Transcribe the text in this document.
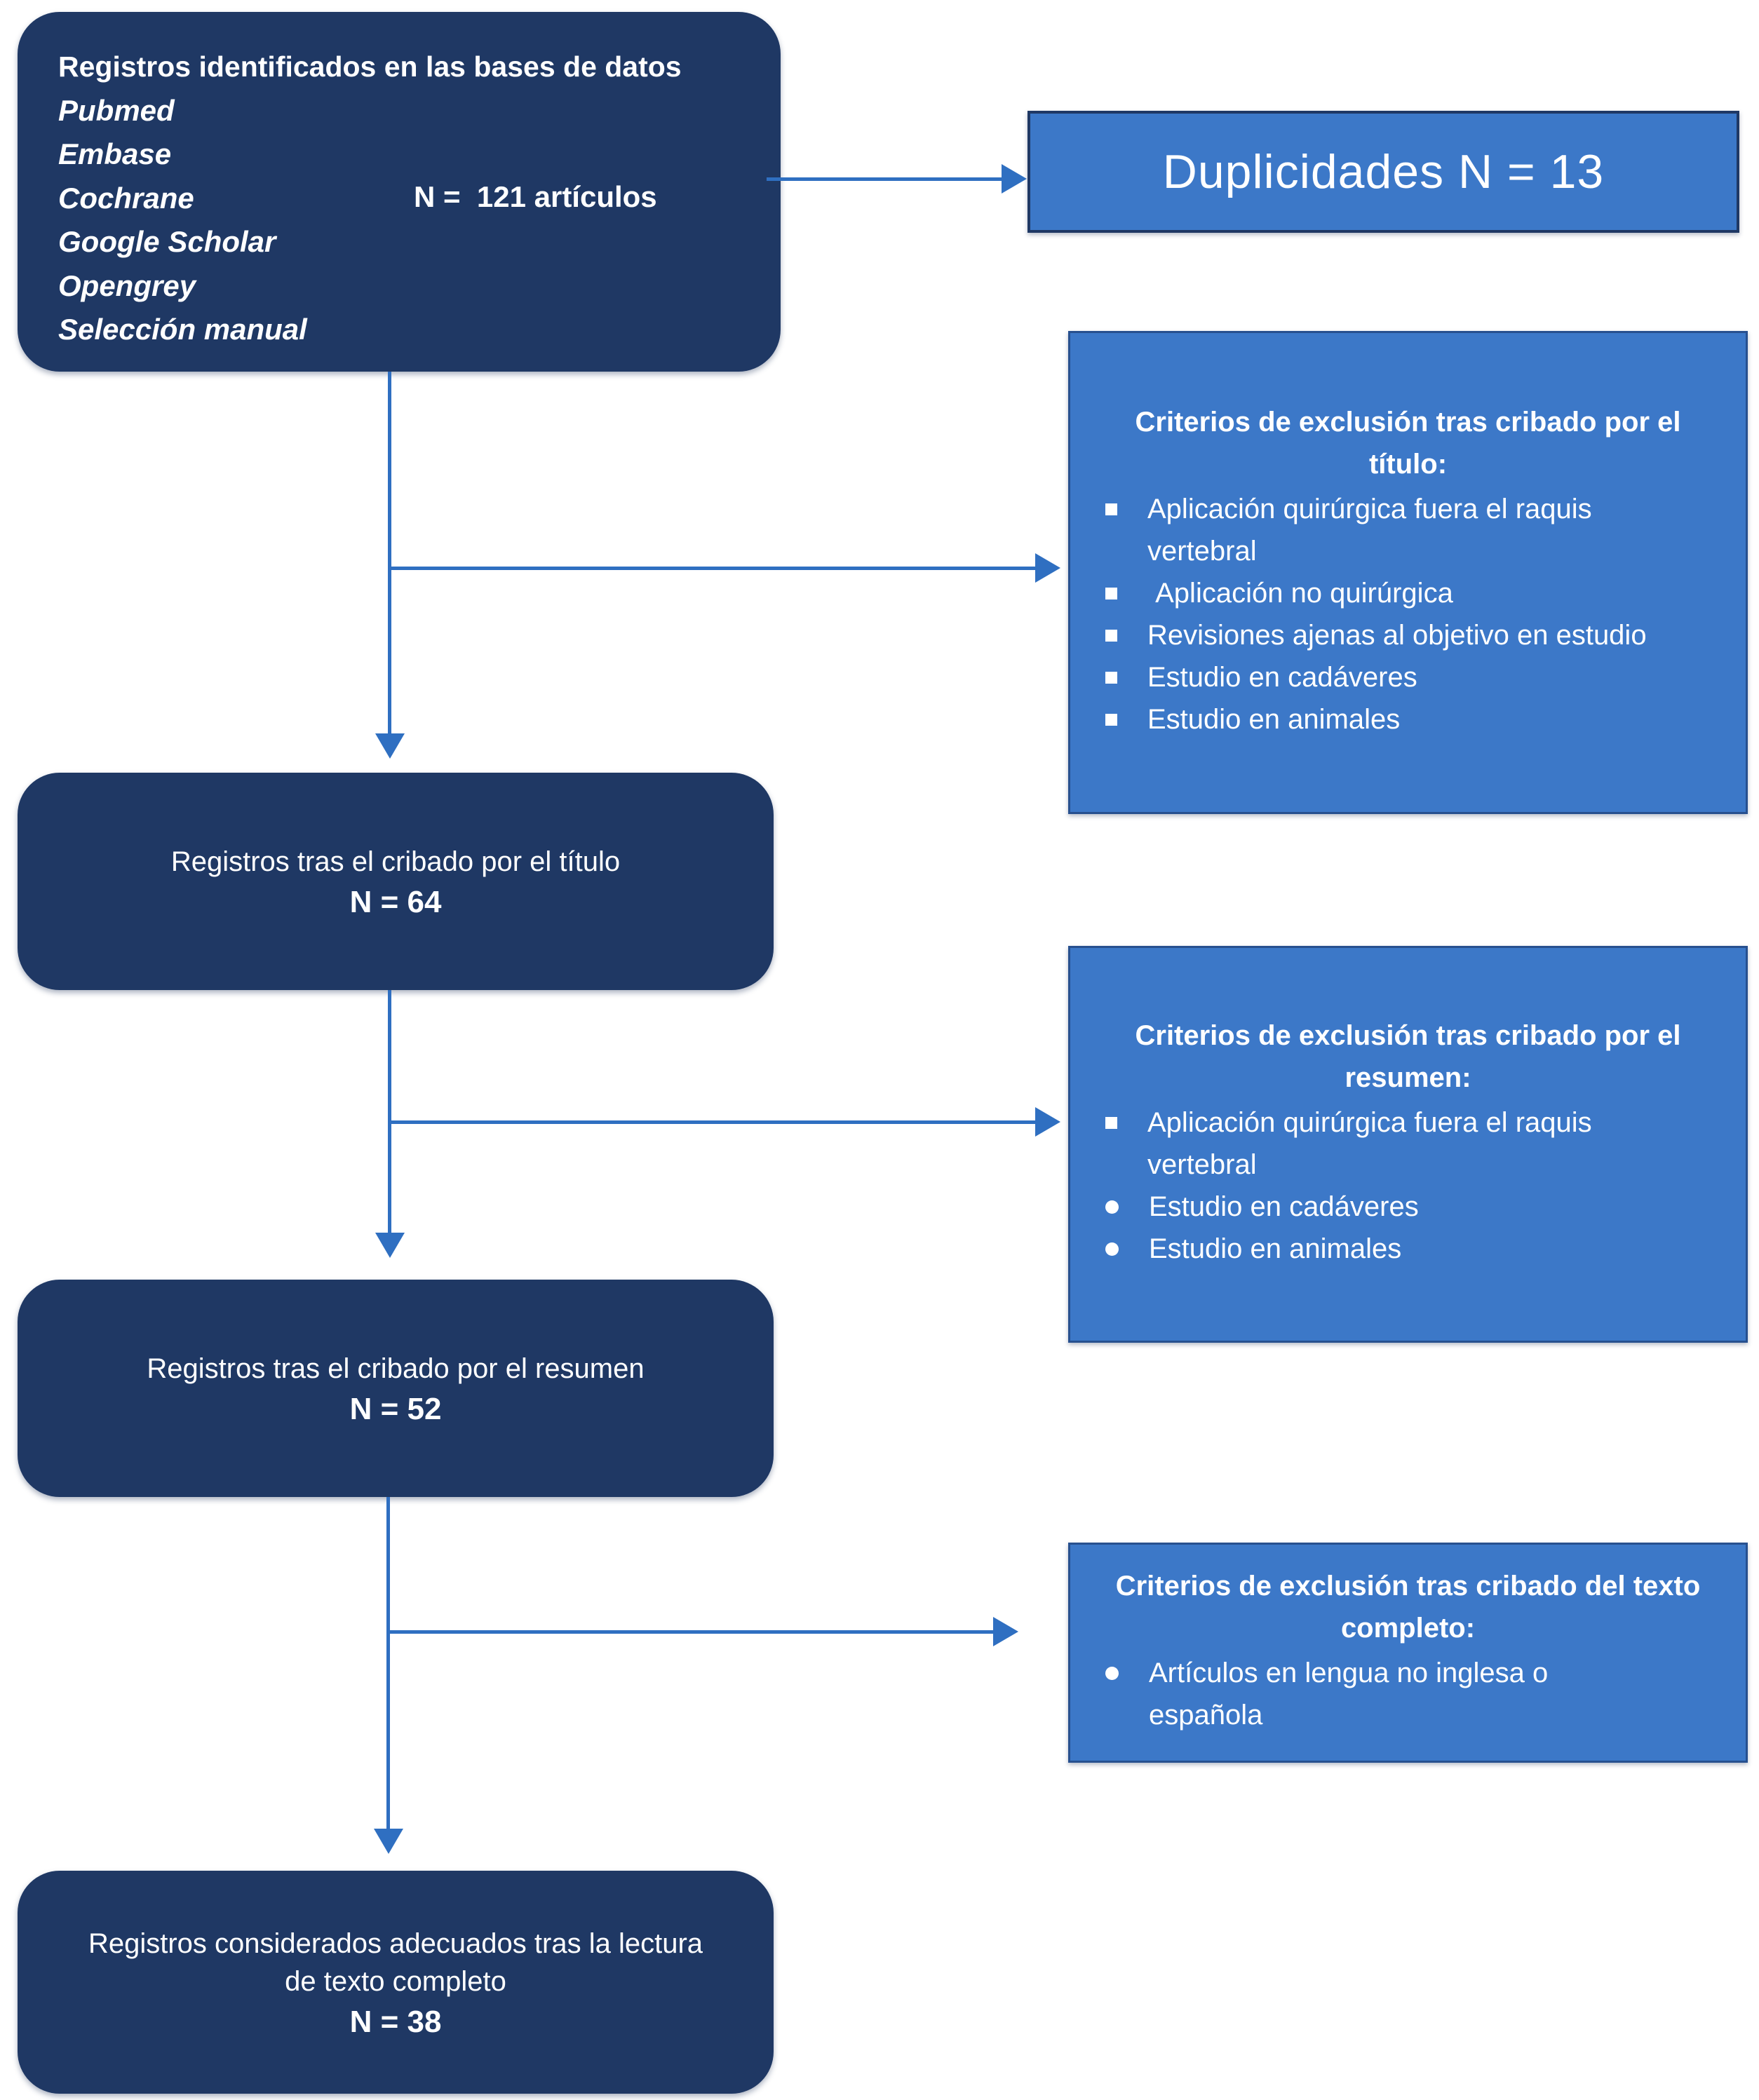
Registros identificados en las bases de datos
Pubmed
Embase
Cochrane
Google Scholar
Opengrey
Selección manual
N =  121 artículos	Duplicidades N = 13
Criterios de exclusión tras cribado por el título:
Aplicación quirúrgica fuera el raquis vertebral
Aplicación no quirúrgica
Revisiones ajenas al objetivo en estudio
Estudio en cadáveres
Estudio en animales
Registros tras el cribado por el título
N = 64
Criterios de exclusión tras cribado por el resumen:
Aplicación quirúrgica fuera el raquis vertebral
Estudio en cadáveres
Estudio en animales
Registros tras el cribado por el resumen
N = 52
Criterios de exclusión tras cribado del texto completo:
Artículos en lengua no inglesa o española
Registros considerados adecuados tras la lectura de texto completo
N = 38
